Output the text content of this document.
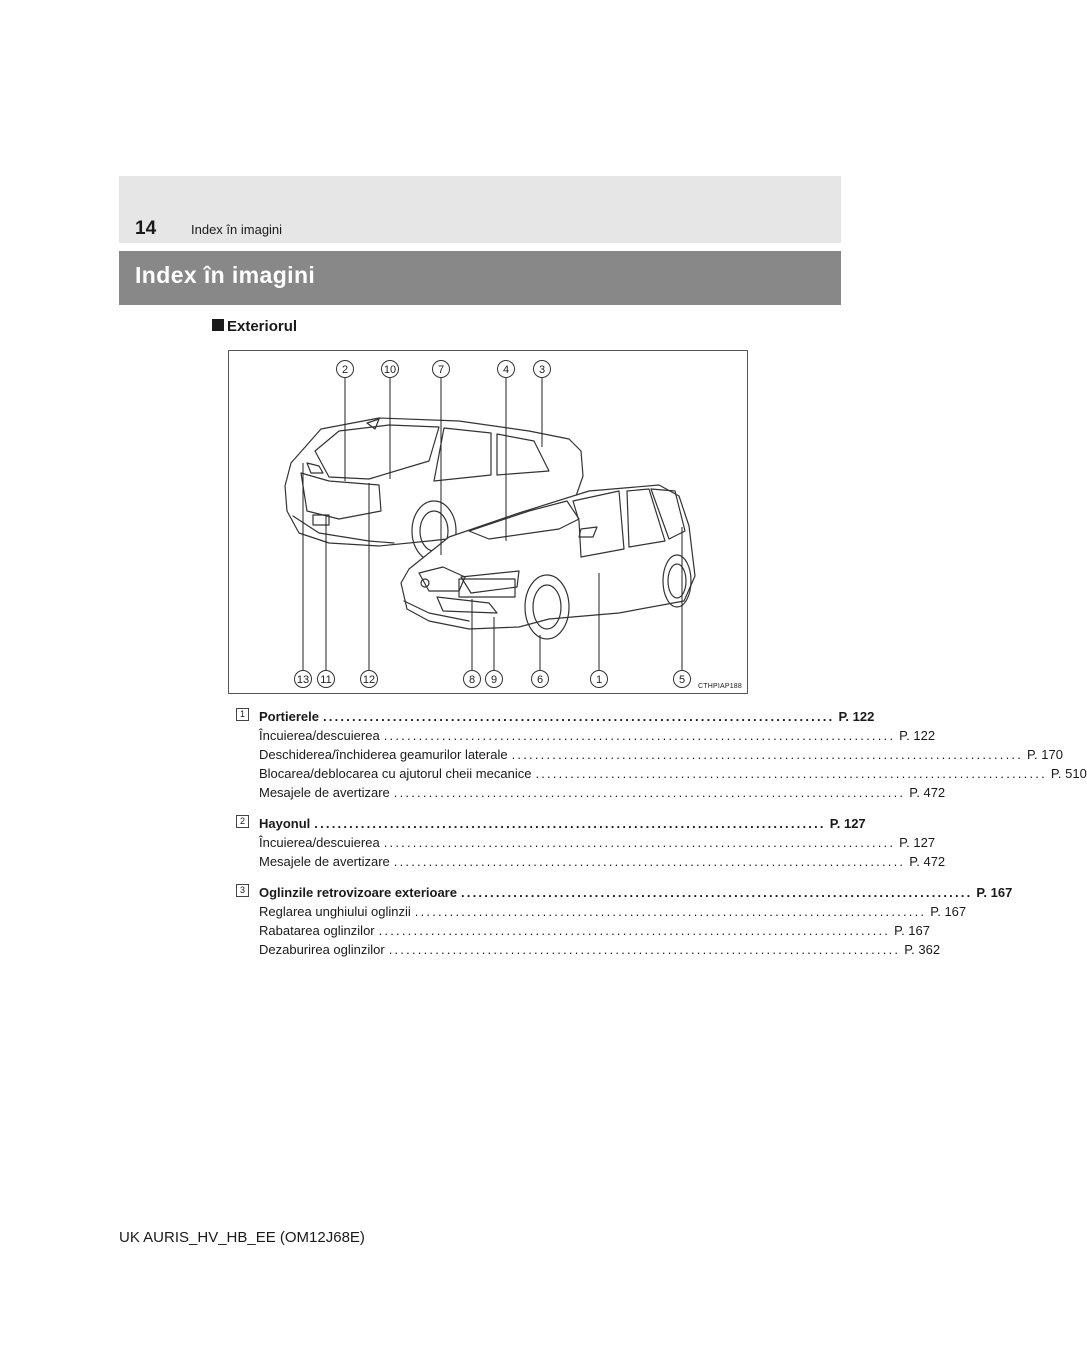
14	Index în imagini
Index în imagini
Exteriorul
2	10	7	4	3
13 11	12	8 9	6	1	5
CTHPIAP188
1	Portierele ........................................................................................ P. 122
Încuierea/descuierea ........................................................................................ P. 122
Deschiderea/închiderea geamurilor laterale ........................................................................................ P. 170
Blocarea/deblocarea cu ajutorul cheii mecanice ........................................................................................ P. 510
Mesajele de avertizare ........................................................................................ P. 472
2	Hayonul ........................................................................................ P. 127
Încuierea/descuierea ........................................................................................ P. 127
Mesajele de avertizare ........................................................................................ P. 472
3	Oglinzile retrovizoare exterioare ........................................................................................ P. 167
Reglarea unghiului oglinzii ........................................................................................ P. 167
Rabatarea oglinzilor ........................................................................................ P. 167
Dezaburirea oglinzilor ........................................................................................ P. 362
UK AURIS_HV_HB_EE (OM12J68E)
